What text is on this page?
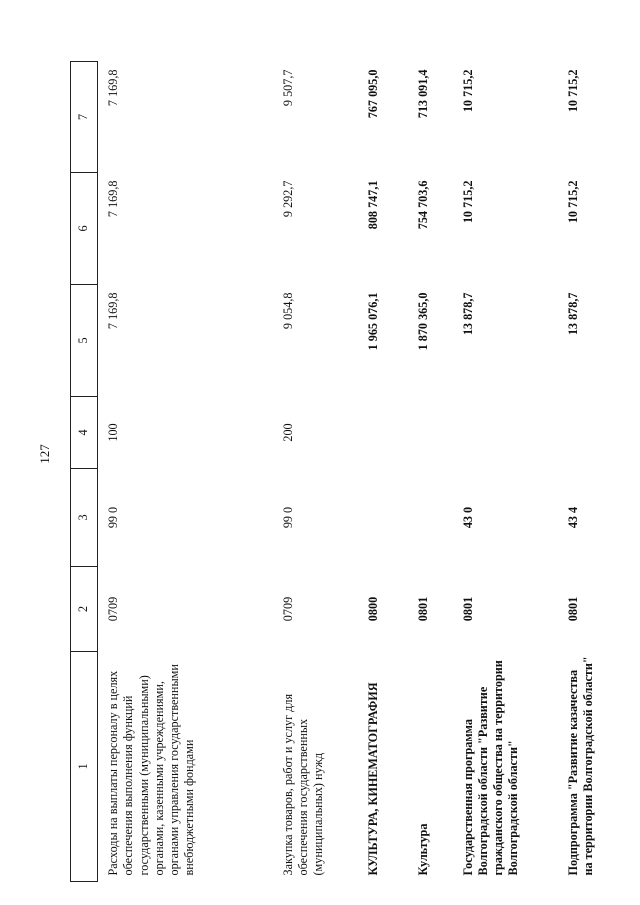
127
1	2	3	4	5	6	7
Расходы на выплаты персоналу в целях обеспечения выполнения функций государственными (муниципальными) органами, казенными учреждениями, органами управления государственными внебюджетными фондами	0709	99 0	100	7 169,8	7 169,8	7 169,8
Закупка товаров, работ и услуг для обеспечения государственных (муниципальных) нужд	0709	99 0	200	9 054,8	9 292,7	9 507,7
КУЛЬТУРА, КИНЕМАТОГРАФИЯ	0800			1 965 076,1	808 747,1	767 095,0
Культура	0801			1 870 365,0	754 703,6	713 091,4
Государственная программа Волгоградской области "Развитие гражданского общества на территории Волгоградской области"	0801	43 0		13 878,7	10 715,2	10 715,2
Подпрограмма "Развитие казачества на территории Волгоградской области"	0801	43 4		13 878,7	10 715,2	10 715,2
